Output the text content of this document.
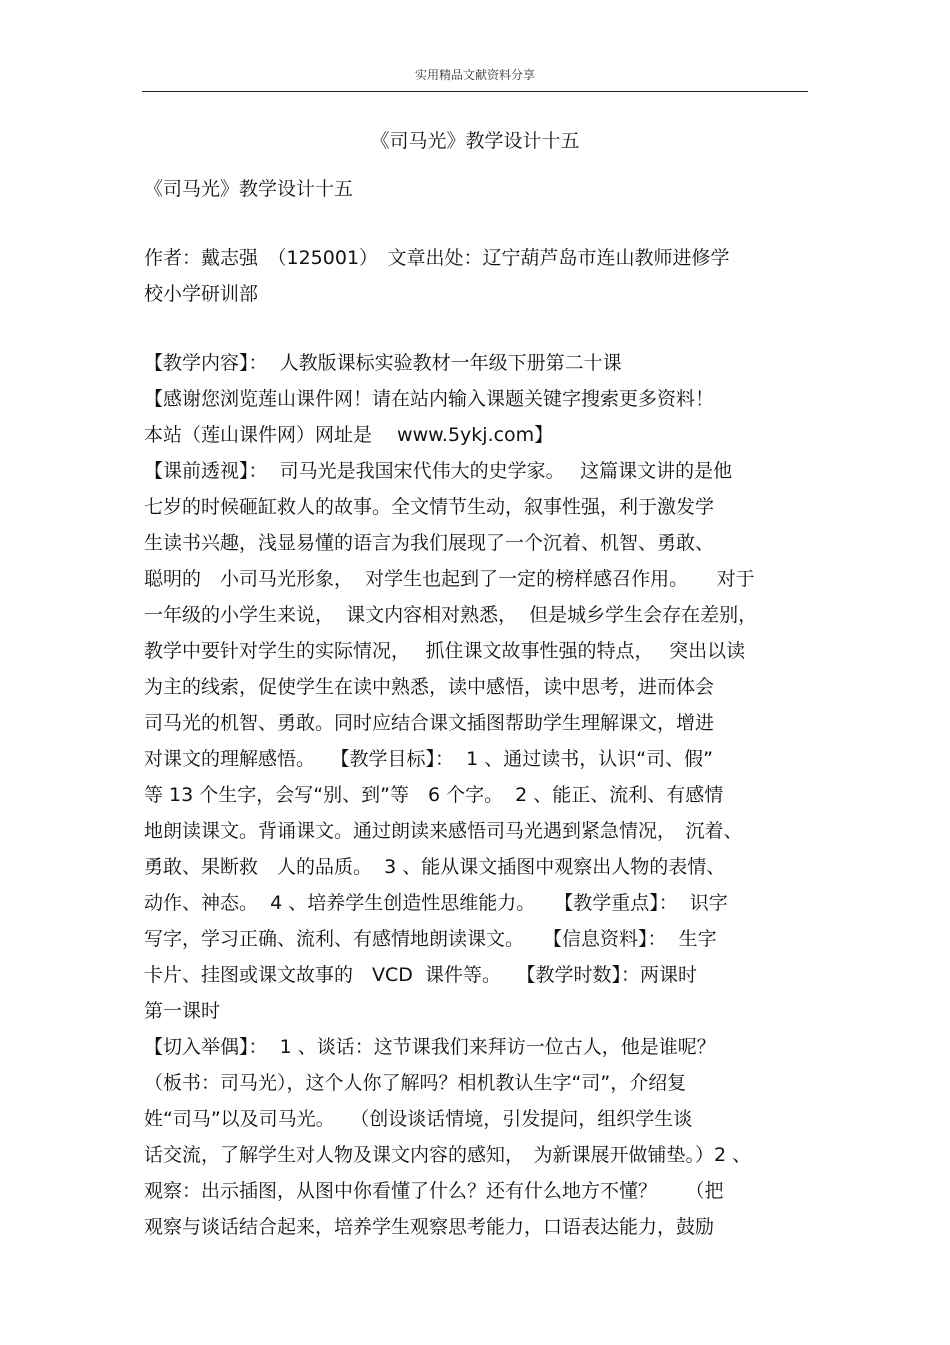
实用精品文献资料分享
《司马光》教学设计十五
《司马光》教学设计十五
作者：戴志强　（125001）　文章出处：辽宁葫芦岛市连山教师进修学
校小学研训部
【教学内容】：  人教版课标实验教材一年级下册第二十课
【感谢您浏览莲山课件网！请在站内输入课题关键字搜索更多资料！
本站（莲山课件网）网址是　 www.5ykj.com】
【课前透视】：  司马光是我国宋代伟大的史学家。　 这篇课文讲的是他
七岁的时候砸缸救人的故事。全文情节生动，叙事性强，利于激发学
生读书兴趣，浅显易懂的语言为我们展现了一个沉着、机智、勇敢、
聪明的　小司马光形象，  对学生也起到了一定的榜样感召作用。　　对于
一年级的小学生来说，  课文内容相对熟悉，  但是城乡学生会存在差别，
教学中要针对学生的实际情况，　 抓住课文故事性强的特点，　 突出以读
为主的线索，促使学生在读中熟悉，读中感悟，读中思考，进而体会
司马光的机智、勇敢。同时应结合课文插图帮助学生理解课文，增进
对课文的理解感悟。　 【教学目标】：  1 、通过读书，认识“司、假”
等 13 个生字，会写“别、到”等　6 个字。  2 、能正、流利、有感情
地朗读课文。背诵课文。通过朗读来感悟司马光遇到紧急情况，　沉着、
勇敢、果断救　人的品质。  3 、能从课文插图中观察出人物的表情、
动作、神态。  4 、培养学生创造性思维能力。　　【教学重点】：  识字
写字，学习正确、流利、有感情地朗读课文。　　【信息资料】：  生字
卡片、挂图或课文故事的　VCD  课件等。　 【教学时数】：两课时
第一课时
【切入举偶】：  1 、谈话：这节课我们来拜访一位古人，他是谁呢？
（板书：司马光），这个人你了解吗？相机教认生字“司”，介绍复
姓“司马”以及司马光。　 （创设谈话情境，引发提问，组织学生谈
话交流，了解学生对人物及课文内容的感知，　为新课展开做铺垫。）2 、
观察：出示插图，从图中你看懂了什么？还有什么地方不懂？　　（把
观察与谈话结合起来，培养学生观察思考能力，口语表达能力，鼓励
